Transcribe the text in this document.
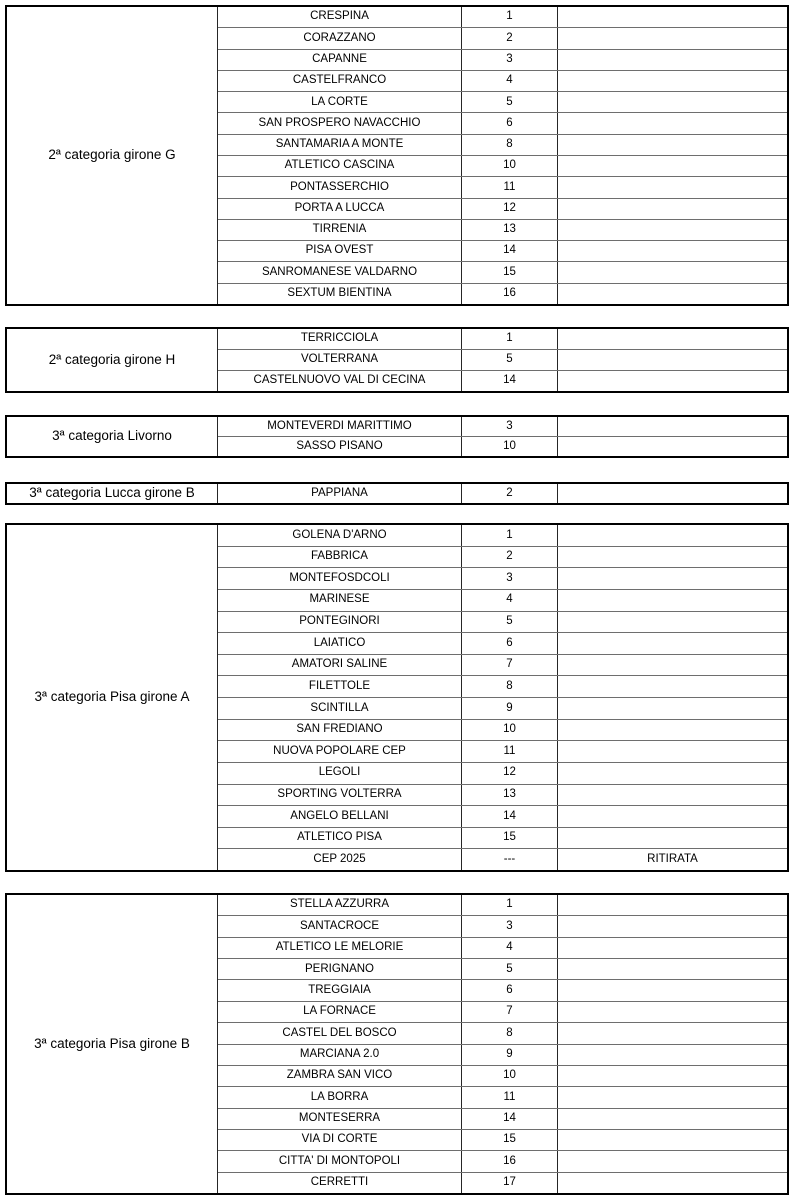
2ª categoria girone G
CRESPINA	1
CORAZZANO	2
CAPANNE	3
CASTELFRANCO	4
LA CORTE	5
SAN PROSPERO NAVACCHIO	6
SANTAMARIA A MONTE	8
ATLETICO CASCINA	10
PONTASSERCHIO	11
PORTA A LUCCA	12
TIRRENIA	13
PISA OVEST	14
SANROMANESE VALDARNO	15
SEXTUM BIENTINA	16
2ª categoria girone H
TERRICCIOLA	1
VOLTERRANA	5
CASTELNUOVO VAL DI CECINA	14
3ª categoria Livorno
MONTEVERDI MARITTIMO	3
SASSO PISANO	10
3ª categoria Lucca girone B	PAPPIANA	2
3ª categoria Pisa girone A
GOLENA D'ARNO	1
FABBRICA	2
MONTEFOSDCOLI	3
MARINESE	4
PONTEGINORI	5
LAIATICO	6
AMATORI SALINE	7
FILETTOLE	8
SCINTILLA	9
SAN FREDIANO	10
NUOVA POPOLARE CEP	11
LEGOLI	12
SPORTING VOLTERRA	13
ANGELO BELLANI	14
ATLETICO PISA	15
CEP 2025	---	RITIRATA
3ª categoria Pisa girone B
STELLA AZZURRA	1
SANTACROCE	3
ATLETICO LE MELORIE	4
PERIGNANO	5
TREGGIAIA	6
LA FORNACE	7
CASTEL DEL BOSCO	8
MARCIANA 2.0	9
ZAMBRA SAN VICO	10
LA BORRA	11
MONTESERRA	14
VIA DI CORTE	15
CITTA' DI MONTOPOLI	16
CERRETTI	17
